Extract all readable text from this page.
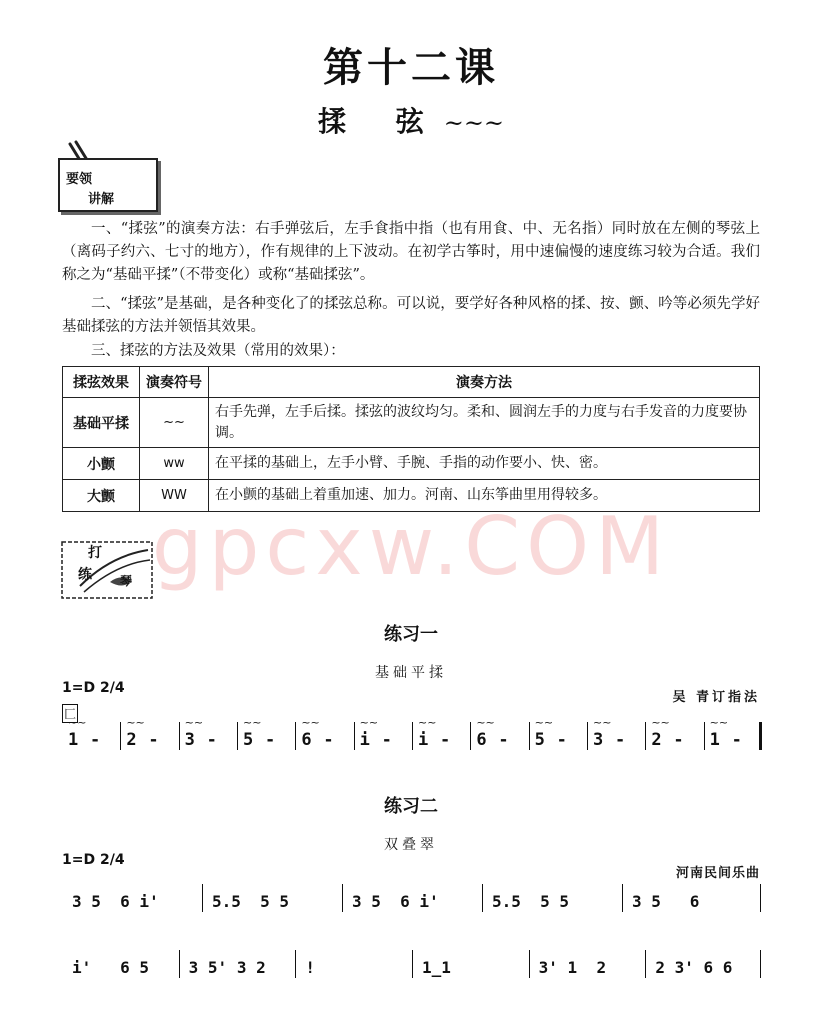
第十二课
揉 弦~~~
要领
讲解
一、“揉弦”的演奏方法：右手弹弦后，左手食指中指（也有用食、中、无名指）同时放在左侧的琴弦上（离码子约六、七寸的地方），作有规律的上下波动。在初学古筝时，用中速偏慢的速度练习较为合适。我们称之为“基础平揉”（不带变化）或称“基础揉弦”。
二、“揉弦”是基础，是各种变化了的揉弦总称。可以说，要学好各种风格的揉、按、颤、吟等必须先学好基础揉弦的方法并领悟其效果。
三、揉弦的方法及效果（常用的效果）：
揉弦效果	演奏符号	演奏方法
基础平揉	~~	右手先弹，左手后揉。揉弦的波纹均匀。柔和、圆润左手的力度与右手发音的力度要协调。
小颤	ww	在平揉的基础上，左手小臂、手腕、手指的动作要小、快、密。
大颤	WW	在小颤的基础上着重加速、加力。河南、山东筝曲里用得较多。
gpcxw.COM
打
练 琴
练习一
基础平揉
1=D 2/4
吴 青订指法
匚
~~
1 -
~~
2 -
~~
3 -
~~
5 -
~~
6 -
~~
i -
~~
i -
~~
6 -
~~
5 -
~~
3 -
~~
2 -
~~
1 -
练习二
双叠翠
1=D 2/4
河南民间乐曲
3 5  6 i'	5.5  5 5	3 5  6 i'	5.5  5 5	3 5   6
i'   6 5 3 5' 3 2 !	1_1	3' 1  2	2 3' 6 6
